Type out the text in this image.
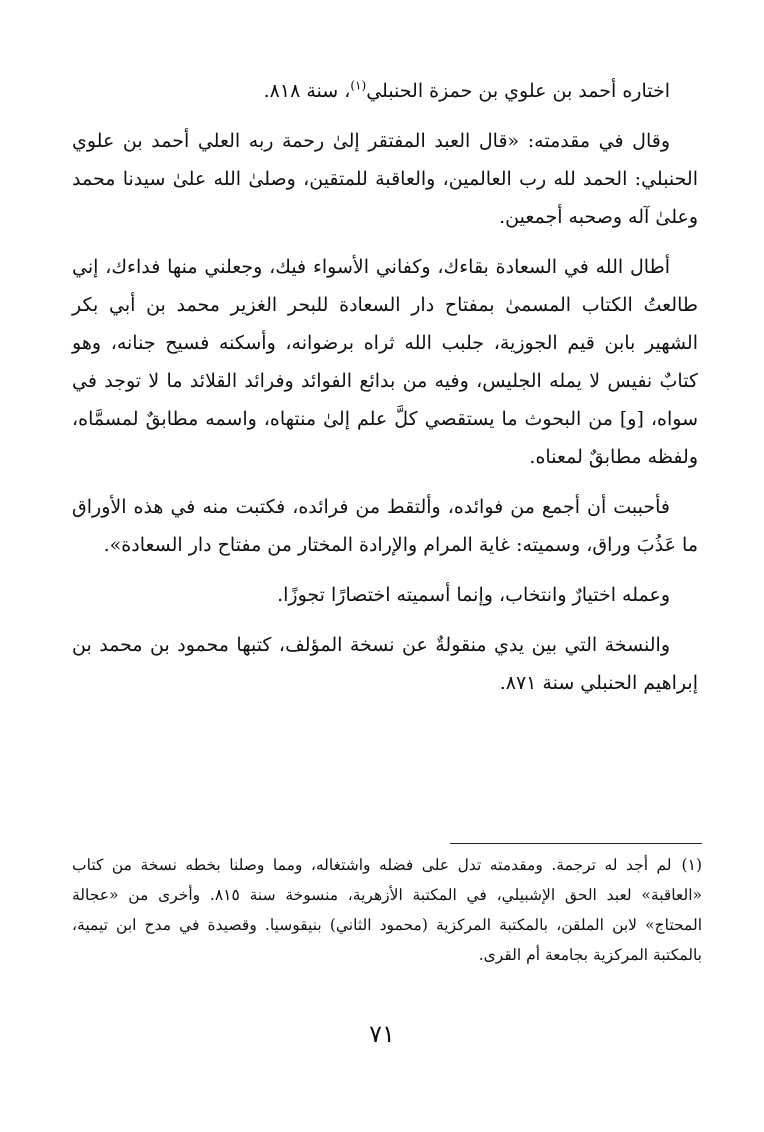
اختاره أحمد بن علوي بن حمزة الحنبلي$^{(١)}$، سنة ٨١٨.

وقال في مقدمته: «قال العبد المفتقر إلىٰ رحمة ربه العلي أحمد بن علوي الحنبلي: الحمد لله رب العالمين، والعاقبة للمتقين، وصلىٰ الله علىٰ سيدنا محمد وعلىٰ آله وصحبه أجمعين.

أطال الله في السعادة بقاءك، وكفاني الأسواء فيك، وجعلني منها فداءك، إني طالعتُ الكتاب المسمىٰ بمفتاح دار السعادة للبحر الغزير محمد بن أبي بكر الشهير بابن قيم الجوزية، جلبب الله ثراه برضوانه، وأسكنه فسيح جنانه، وهو كتابٌ نفيس لا يمله الجليس، وفيه من بدائع الفوائد وفرائد القلائد ما لا توجد في سواه، [و] من البحوث ما يستقصي كلَّ علم إلىٰ منتهاه، واسمه مطابقٌ لمسمَّاه، ولفظه مطابقٌ لمعناه.

فأحببت أن أجمع من فوائده، وألتقط من فرائده، فكتبت منه في هذه الأوراق ما عَذُبَ وراق، وسميته: غاية المرام والإرادة المختار من مفتاح دار السعادة».

وعمله اختيارٌ وانتخاب، وإنما أسميته اختصارًا تجوزًا.

والنسخة التي بين يدي منقولةٌ عن نسخة المؤلف، كتبها محمود بن محمد بن إبراهيم الحنبلي سنة ٨٧١.

(١)لم أجد له ترجمة. ومقدمته تدل على فضله واشتغاله، ومما وصلنا بخطه نسخة من كتاب «العاقبة» لعبد الحق الإشبيلي، في المكتبة الأزهرية، منسوخة سنة ٨١٥. وأخرى من «عجالة المحتاج» لابن الملقن، بالمكتبة المركزية (محمود الثاني) بنيقوسيا. وقصيدة في مدح ابن تيمية، بالمكتبة المركزية بجامعة أم القرى.
٧١
